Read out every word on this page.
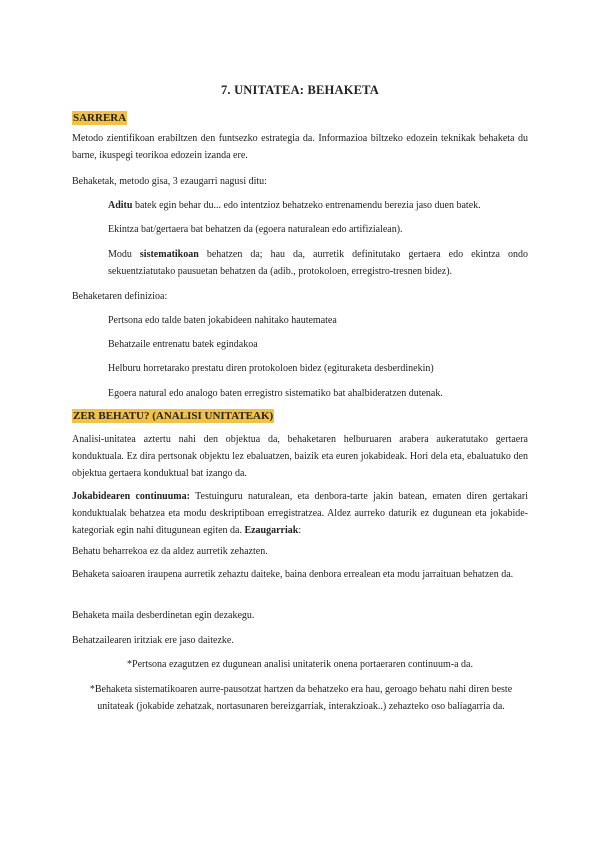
7. UNITATEA: BEHAKETA
SARRERA
Metodo zientifikoan erabiltzen den funtsezko estrategia da. Informazioa biltzeko edozein teknikak behaketa du barne, ikuspegi teorikoa edozein izanda ere.
Behaketak, metodo gisa, 3 ezaugarri nagusi ditu:
Aditu batek egin behar du... edo intentzioz behatzeko entrenamendu berezia jaso duen batek.
Ekintza bat/gertaera bat behatzen da (egoera naturalean edo artifizialean).
Modu sistematikoan behatzen da; hau da, aurretik definitutako gertaera edo ekintza ondo sekuentziatutako pausuetan behatzen da (adib., protokoloen, erregistro-tresnen bidez).
Behaketaren definizioa:
Pertsona edo talde baten jokabideen nahitako hautematea
Behatzaile entrenatu batek egindakoa
Helburu horretarako prestatu diren protokoloen bidez (egituraketa desberdinekin)
Egoera natural edo analogo baten erregistro sistematiko bat ahalbideratzen dutenak.
ZER BEHATU? (ANALISI UNITATEAK)
Analisi-unitatea aztertu nahi den objektua da, behaketaren helburuaren arabera aukeratutako gertaera konduktuala. Ez dira pertsonak objektu lez ebaluatzen, baizik eta euren jokabideak. Hori dela eta, ebaluatuko den objektua gertaera konduktual bat izango da.
Jokabidearen continuuma: Testuinguru naturalean, eta denbora-tarte jakin batean, ematen diren gertakari konduktualak behatzea eta modu deskriptiboan erregistratzea. Aldez aurreko daturik ez dugunean eta jokabide-kategoriak egin nahi ditugunean egiten da. Ezaugarriak:
Behatu beharrekoa ez da aldez aurretik zehazten.
Behaketa saioaren iraupena aurretik zehaztu daiteke, baina denbora errealean eta modu jarraituan behatzen da.
Behaketa maila desberdinetan egin dezakegu.
Behatzailearen iritziak ere jaso daitezke.
*Pertsona ezagutzen ez dugunean analisi unitaterik onena portaeraren continuum-a da.
*Behaketa sistematikoaren aurre-pausotzat hartzen da behatzeko era hau, geroago behatu nahi diren beste unitateak (jokabide zehatzak, nortasunaren bereizgarriak, interakzioak..) zehazteko oso baliagarria da.
